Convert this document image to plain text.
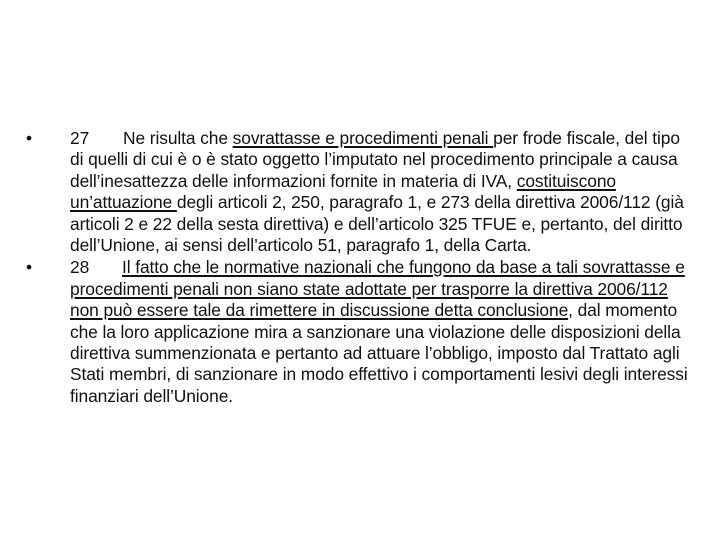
•	27 Ne risulta che sovrattasse e procedimenti penali per frode fiscale, del tipo di quelli di cui è o è stato oggetto l’imputato nel procedimento principale a causa dell’inesattezza delle informazioni fornite in materia di IVA, costituiscono un’attuazione degli articoli 2, 250, paragrafo 1, e 273 della direttiva 2006/112 (già articoli 2 e 22 della sesta direttiva) e dell’articolo 325 TFUE e, pertanto, del diritto dell’Unione, ai sensi dell’articolo 51, paragrafo 1, della Carta.
•	28 Il fatto che le normative nazionali che fungono da base a tali sovrattasse e procedimenti penali non siano state adottate per trasporre la direttiva 2006/112 non può essere tale da rimettere in discussione detta conclusione, dal momento che la loro applicazione mira a sanzionare una violazione delle disposizioni della direttiva summenzionata e pertanto ad attuare l’obbligo, imposto dal Trattato agli Stati membri, di sanzionare in modo effettivo i comportamenti lesivi degli interessi finanziari dell’Unione.
